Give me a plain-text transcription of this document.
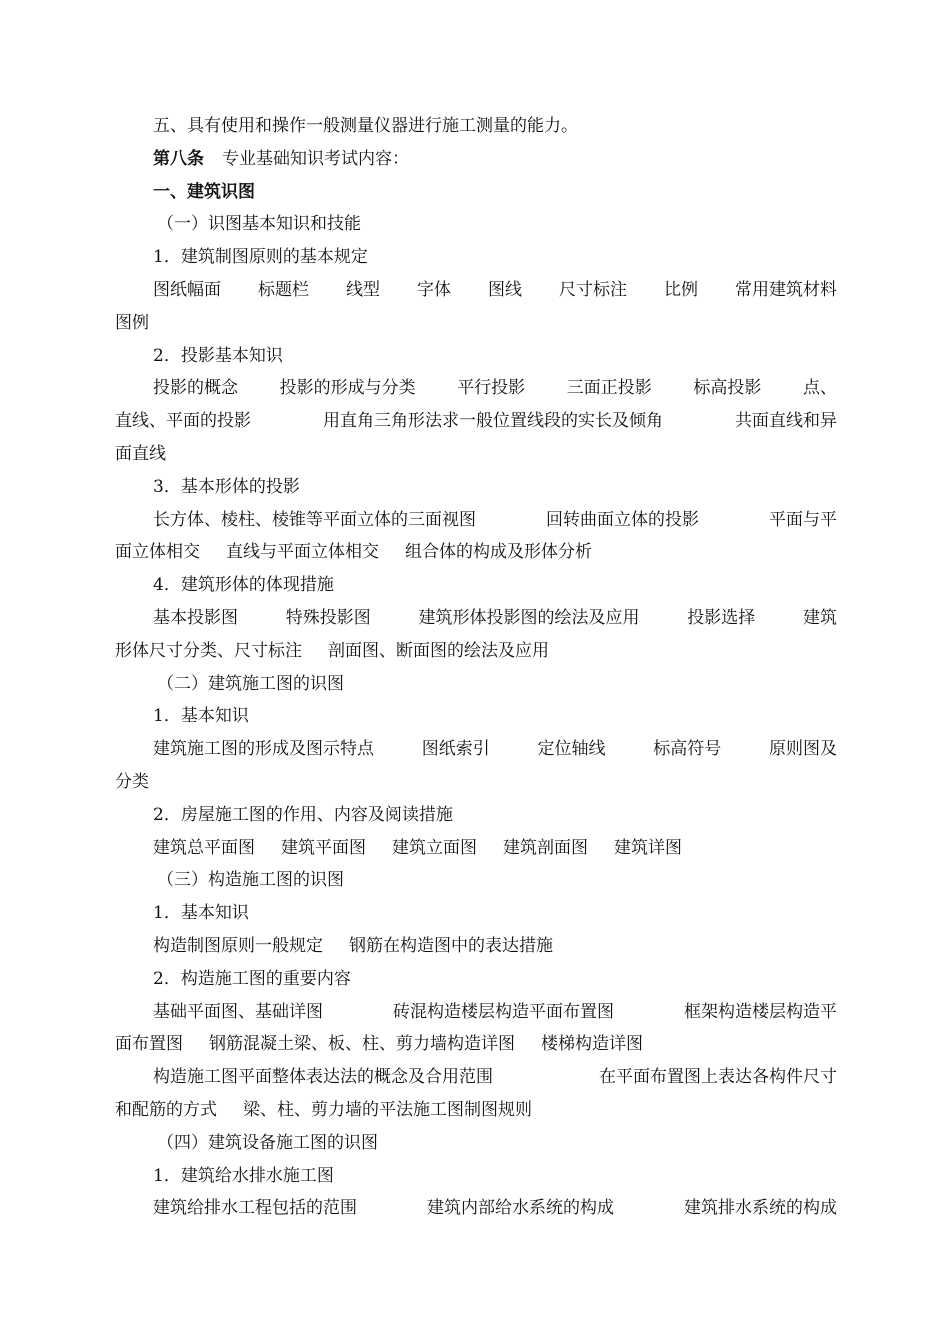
五、具有使用和操作一般测量仪器进行施工测量的能力。
第八条 专业基础知识考试内容：
一、建筑识图
（一）识图基本知识和技能
1．建筑制图原则的基本规定
图纸幅面 标题栏 线型 字体 图线 尺寸标注 比例 常用建筑材料
图例
2．投影基本知识
投影的概念 投影的形成与分类 平行投影 三面正投影 标高投影 点、
直线、平面的投影	用直角三角形法求一般位置线段的实长及倾角	共面直线和异
面直线
3．基本形体的投影
长方体、棱柱、棱锥等平面立体的三面视图	回转曲面立体的投影	平面与平
面立体相交 直线与平面立体相交 组合体的构成及形体分析
4．建筑形体的体现措施
基本投影图	特殊投影图	建筑形体投影图的绘法及应用	投影选择	建筑
形体尺寸分类、尺寸标注 剖面图、断面图的绘法及应用
（二）建筑施工图的识图
1．基本知识
建筑施工图的形成及图示特点	图纸索引	定位轴线	标高符号	原则图及
分类
2．房屋施工图的作用、内容及阅读措施
建筑总平面图 建筑平面图 建筑立面图 建筑剖面图 建筑详图
（三）构造施工图的识图
1．基本知识
构造制图原则一般规定 钢筋在构造图中的表达措施
2．构造施工图的重要内容
基础平面图、基础详图	砖混构造楼层构造平面布置图	框架构造楼层构造平
面布置图 钢筋混凝土梁、板、柱、剪力墙构造详图 楼梯构造详图
构造施工图平面整体表达法的概念及合用范围	在平面布置图上表达各构件尺寸
和配筋的方式 梁、柱、剪力墙的平法施工图制图规则
（四）建筑设备施工图的识图
1．建筑给水排水施工图
建筑给排水工程包括的范围	建筑内部给水系统的构成	建筑排水系统的构成
